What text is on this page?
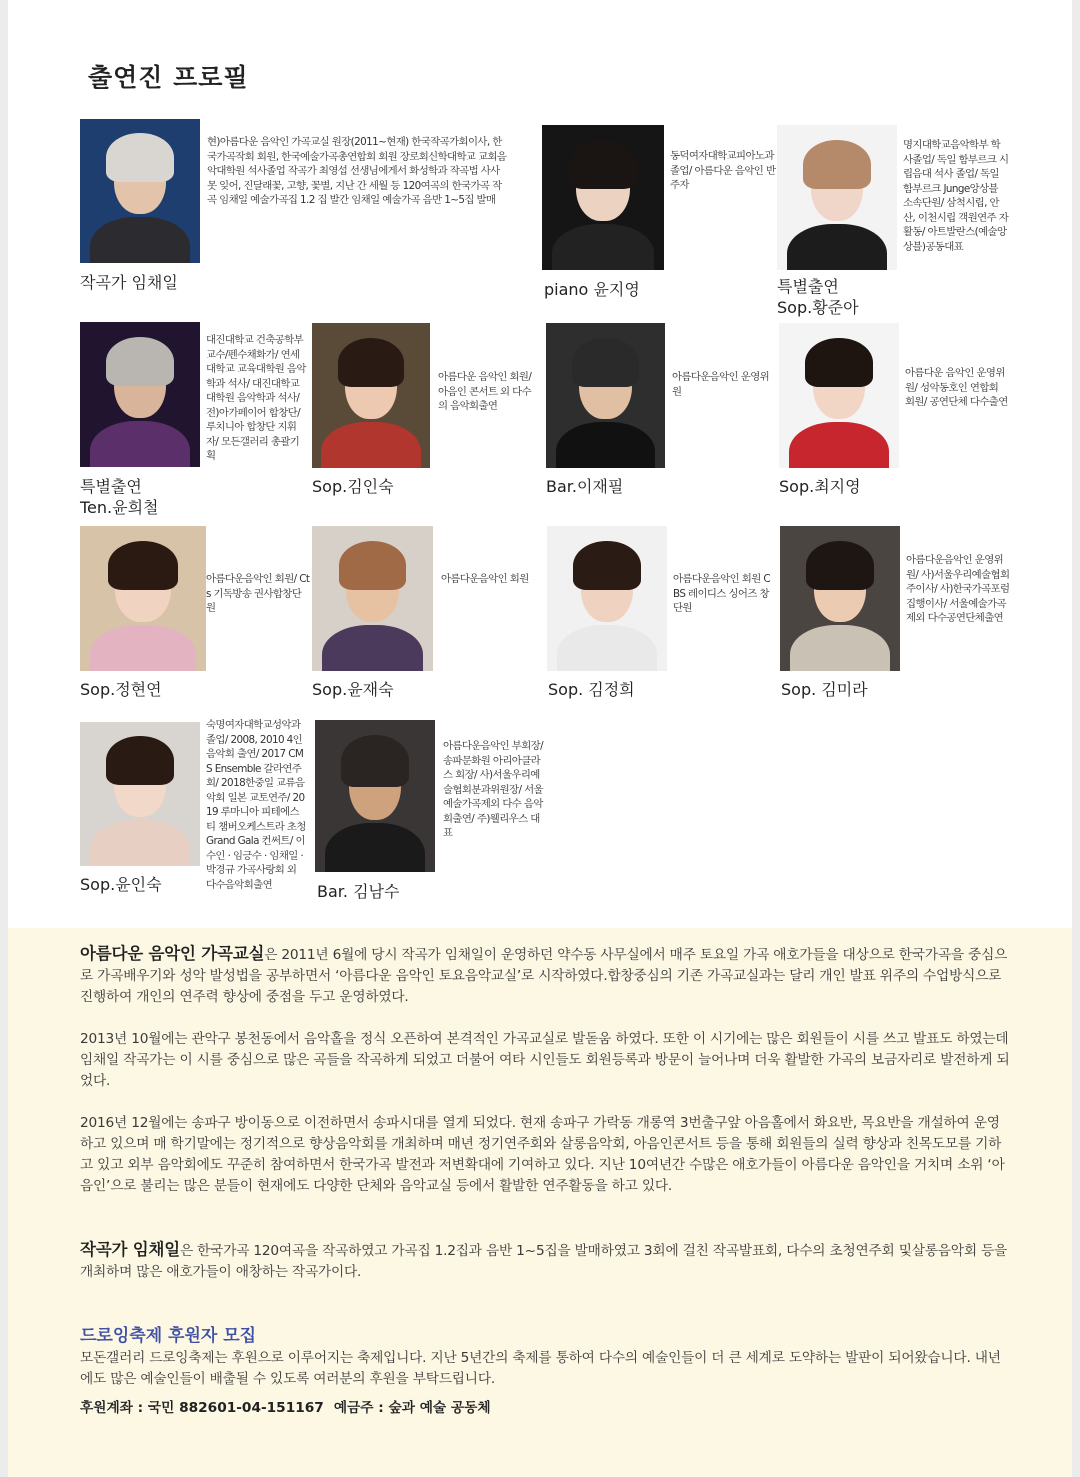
출연진 프로필

현)아름다운 음악인 가곡교실 원장(2011~현재) 한국작곡가회이사, 한국가곡작회 회원, 한국예술가곡총연합회 회원 장로회신학대학교 교회음악대학원 석사졸업 작곡가 최영섭 선생님에게서 화성학과 작곡법 사사 못 잊어, 진달래꽃, 고향, 꽃별, 지난 간 세월 등 120여곡의 한국가곡 작곡 임채일 예술가곡집 1.2 집 발간 임채일 예술가곡 음반 1~5집 발매

작곡가 임채일

동덕여자대학교피아노과 졸업/ 아름다운 음악인 반주자

piano 윤지영

명지대학교음악학부 학사졸업/ 독일 함부르크 시립음대 석사 졸업/ 독일 함부르크 Junge앙상블 소속단원/ 삼척시립, 안산, 이천시립 객원연주 자활동/ 아트발란스(예술앙상블)공동대표

특별출연
Sop.황준아

대진대학교 건축공학부 교수/펜수채화가/ 연세대학교 교육대학원 음악학과 석사/ 대진대학교 대학원 음악학과 석사/ 전)아가페이어 합창단/루치니아 합창단 지휘자/ 모든갤러리 총괄기획

특별출연
Ten.윤희철

아름다운 음악인 회원/ 아음인 콘서트 외 다수의 음악회출연

Sop.김인숙

아름다운음악인 운영위원

Bar.이재필

아름다운 음악인 운영위원/ 성악동호인 연합회 회원/ 공연단체 다수출연

Sop.최지영

아름다운음악인 회원/ Cts 기독방송 권사합창단원

Sop.정현연

아름다운음악인 회원

Sop.윤재숙

아름다운음악인 회원 CBS 레이디스 싱어즈 창단원

Sop. 김정희

아름다운음악인 운영위원/ 사)서울우리예술협회주이사/ 사)한국가곡포럼 집행이사/ 서울예술가곡제외 다수공연단체출연

Sop. 김미라

숙명여자대학교성악과 졸업/ 2008, 2010 4인음악회 출연/ 2017 CMS Ensemble 갈라연주회/ 2018한중일 교류음악회 일본 교토연주/ 2019 루마니아 피테에스티 챔버오케스트라 초청 Grand Gala 컨써트/ 이수인 · 임긍수 · 임채일 · 박경규 가곡사랑회 외 다수음악회출연

Sop.윤인숙

아름다운음악인 부회장/ 송파문화원 아리아클라스 회장/ 사)서울우리예술협회분과위원장/ 서울예술가곡제외 다수 음악회출연/ 주)웰리우스 대표

Bar. 김남수

아름다운 음악인 가곡교실은 2011년 6월에 당시 작곡가 임채일이 운영하던 약수동 사무실에서 매주 토요일 가곡 애호가들을 대상으로 한국가곡을 중심으로 가곡배우기와 성악 발성법을 공부하면서 ‘아름다운 음악인 토요음악교실’로 시작하였다.합창중심의 기존 가곡교실과는 달리 개인 발표 위주의 수업방식으로 진행하여 개인의 연주력 향상에 중점을 두고 운영하였다.

2013년 10월에는 관악구 봉천동에서 음악홀을 정식 오픈하여 본격적인 가곡교실로 발돋움 하였다. 또한 이 시기에는 많은 회원들이 시를 쓰고 발표도 하였는데 임채일 작곡가는 이 시를 중심으로 많은 곡들을 작곡하게 되었고 더불어 여타 시인들도 회원등록과 방문이 늘어나며 더욱 활발한 가곡의 보금자리로 발전하게 되었다.

2016년 12월에는 송파구 방이동으로 이전하면서 송파시대를 열게 되었다. 현재 송파구 가락동 개롱역 3번출구앞 아음홀에서 화요반, 목요반을 개설하여 운영하고 있으며 매 학기말에는 정기적으로 향상음악회를 개최하며 매년 정기연주회와 살롱음악회, 아음인콘서트 등을 통해 회원들의 실력 향상과 친목도모를 기하고 있고 외부 음악회에도 꾸준히 참여하면서 한국가곡 발전과 저변확대에 기여하고 있다. 지난 10여년간 수많은 애호가들이 아름다운 음악인을 거치며 소위 ‘아음인’으로 불리는 많은 분들이 현재에도 다양한 단체와 음악교실 등에서 활발한 연주활동을 하고 있다.

작곡가 임채일은 한국가곡 120여곡을 작곡하였고 가곡집 1.2집과 음반 1~5집을 발매하였고 3회에 걸친 작곡발표회, 다수의 초청연주회 및살롱음악회 등을 개최하며 많은 애호가들이 애창하는 작곡가이다.

드로잉축제 후원자 모집

모돈갤러리 드로잉축제는 후원으로 이루어지는 축제입니다. 지난 5년간의 축제를 통하여 다수의 예술인들이 더 큰 세계로 도약하는 발판이 되어왔습니다. 내년에도 많은 예술인들이 배출될 수 있도록 여러분의 후원을 부탁드립니다.

후원계좌 : 국민 882601-04-151167 예금주 : 숲과 예술 공동체
